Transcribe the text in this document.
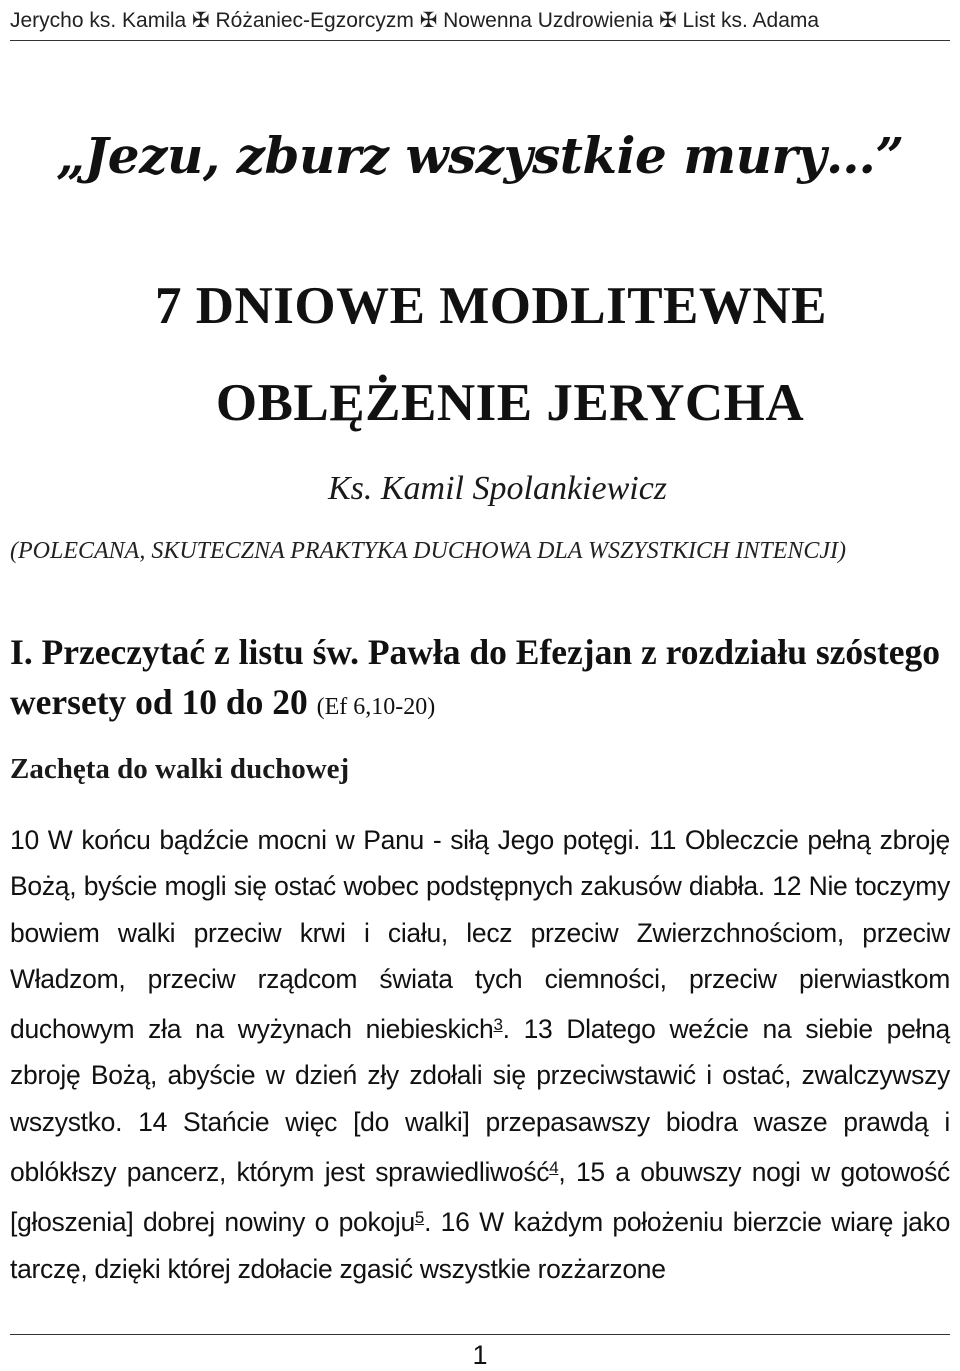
Jerycho ks. Kamila ✠ Różaniec-Egzorcyzm ✠ Nowenna Uzdrowienia ✠ List ks. Adama
„Jezu, zburz wszystkie mury…”
7 DNIOWE MODLITEWNE
OBLĘŻENIE JERYCHA
Ks. Kamil Spolankiewicz
(POLECANA, SKUTECZNA PRAKTYKA DUCHOWA DLA WSZYSTKICH INTENCJI)
I. Przeczytać z listu św. Pawła do Efezjan z rozdziału szóstego wersety od 10 do 20 (Ef 6,10-20)
Zachęta do walki duchowej
10 W końcu bądźcie mocni w Panu - siłą Jego potęgi. 11 Obleczcie pełną zbroję Bożą, byście mogli się ostać wobec podstępnych zakusów diabła. 12 Nie toczymy bowiem walki przeciw krwi i ciału, lecz przeciw Zwierzchnościom, przeciw Władzom, przeciw rządcom świata tych ciemności, przeciw pierwiastkom duchowym zła na wyżynach niebieskich$^3$. 13 Dlatego weźcie na siebie pełną zbroję Bożą, abyście w dzień zły zdołali się przeciwstawić i ostać, zwalczywszy wszystko. 14 Stańcie więc [do walki] przepasawszy biodra wasze prawdą i oblókłszy pancerz, którym jest sprawiedliwość$^4$, 15 a obuwszy nogi w gotowość [głoszenia] dobrej nowiny o pokoju$^5$. 16 W każdym położeniu bierzcie wiarę jako tarczę, dzięki której zdołacie zgasić wszystkie rozżarzone
1
